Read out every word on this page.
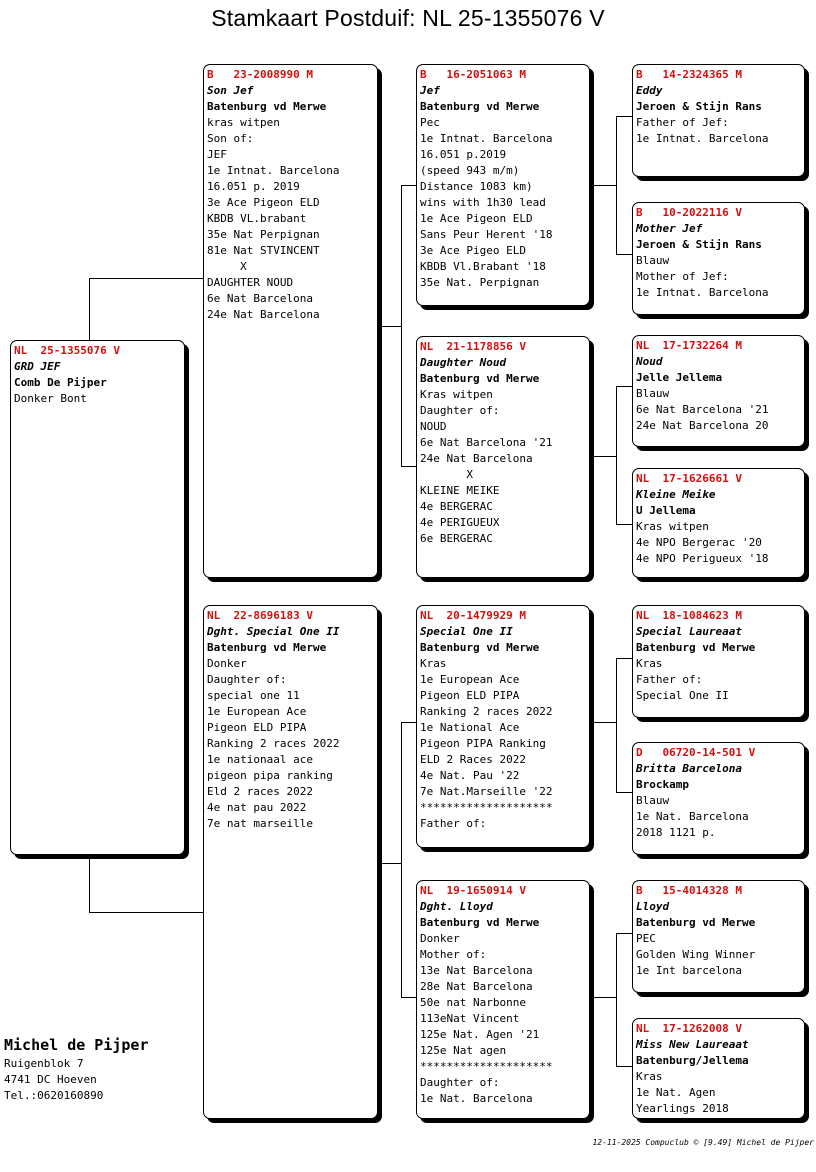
Stamkaart Postduif: NL 25-1355076 V
NL  25-1355076 V
GRD JEF
Comb De Pijper
Donker Bont
B   23-2008990 M
Son Jef
Batenburg vd Merwe
kras witpen
Son of:
JEF
1e Intnat. Barcelona
16.051 p. 2019
3e Ace Pigeon ELD
KBDB VL.brabant
35e Nat Perpignan
81e Nat STVINCENT
X
DAUGHTER NOUD
6e Nat Barcelona
24e Nat Barcelona
NL  22-8696183 V
Dght. Special One II
Batenburg vd Merwe
Donker
Daughter of:
special one 11
1e European Ace
Pigeon ELD PIPA
Ranking 2 races 2022
1e nationaal ace
pigeon pipa ranking
Eld 2 races 2022
4e nat pau 2022
7e nat marseille
B   16-2051063 M
Jef
Batenburg vd Merwe
Pec
1e Intnat. Barcelona
16.051 p.2019
(speed 943 m/m)
Distance 1083 km)
wins with 1h30 lead
1e Ace Pigeon ELD
Sans Peur Herent '18
3e Ace Pigeo ELD
KBDB Vl.Brabant '18
35e Nat. Perpignan
NL  21-1178856 V
Daughter Noud
Batenburg vd Merwe
Kras witpen
Daughter of:
NOUD
6e Nat Barcelona '21
24e Nat Barcelona
X
KLEINE MEIKE
4e BERGERAC
4e PERIGUEUX
6e BERGERAC
NL  20-1479929 M
Special One II
Batenburg vd Merwe
Kras
1e European Ace
Pigeon ELD PIPA
Ranking 2 races 2022
1e National Ace
Pigeon PIPA Ranking
ELD 2 Races 2022
4e Nat. Pau '22
7e Nat.Marseille '22
********************
Father of:
NL  19-1650914 V
Dght. Lloyd
Batenburg vd Merwe
Donker
Mother of:
13e Nat Barcelona
28e Nat Barcelona
50e nat Narbonne
113eNat Vincent
125e Nat. Agen '21
125e Nat agen
********************
Daughter of:
1e Nat. Barcelona
B   14-2324365 M
Eddy
Jeroen & Stijn Rans
Father of Jef:
1e Intnat. Barcelona
B   10-2022116 V
Mother Jef
Jeroen & Stijn Rans
Blauw
Mother of Jef:
1e Intnat. Barcelona
NL  17-1732264 M
Noud
Jelle Jellema
Blauw
6e Nat Barcelona '21
24e Nat Barcelona 20
NL  17-1626661 V
Kleine Meike
U Jellema
Kras witpen
4e NPO Bergerac '20
4e NPO Perigueux '18
NL  18-1084623 M
Special Laureaat
Batenburg vd Merwe
Kras
Father of:
Special One II
D   06720-14-501 V
Britta Barcelona
Brockamp
Blauw
1e Nat. Barcelona
2018 1121 p.
B   15-4014328 M
Lloyd
Batenburg vd Merwe
PEC
Golden Wing Winner
1e Int barcelona
NL  17-1262008 V
Miss New Laureaat
Batenburg/Jellema
Kras
1e Nat. Agen
Yearlings 2018
Michel de Pijper
Ruigenblok 7
4741 DC Hoeven
Tel.:0620160890
12-11-2025 Compuclub © [9.49] Michel de Pijper
